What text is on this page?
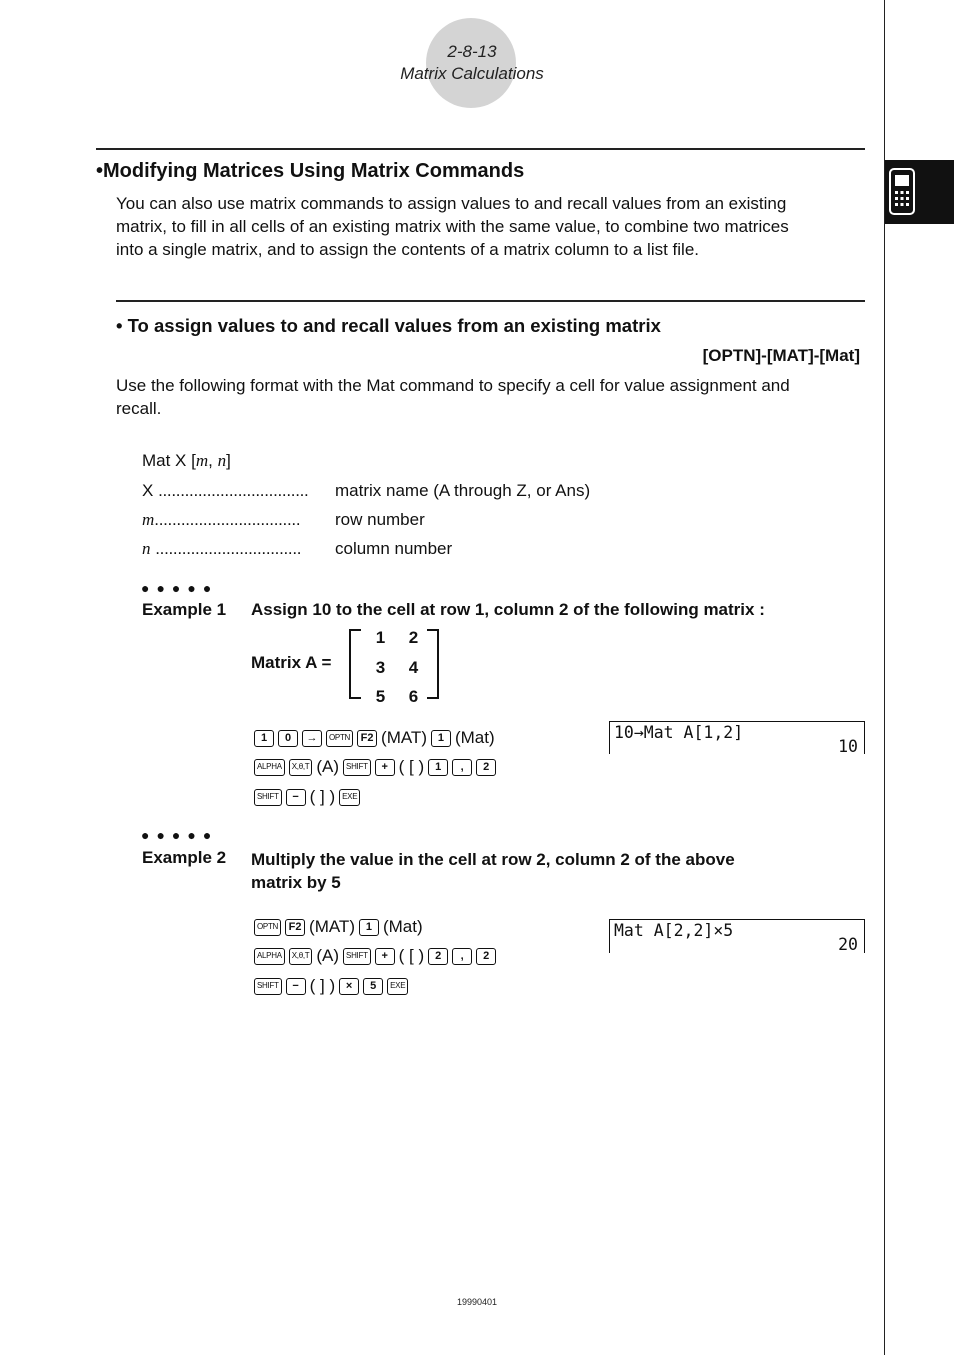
2-8-13
Matrix Calculations
•Modifying Matrices Using Matrix Commands
You can also use matrix commands to assign values to and recall values from an existing
matrix, to fill in all cells of an existing matrix with the same value, to combine two matrices
into a single matrix, and to assign the contents of a matrix column to a list file.
• To assign values to and recall values from an existing matrix
[OPTN]-[MAT]-[Mat]
Use the following format with the Mat command to specify a cell for value assignment and
recall.
Mat X [m, n]
X .................................. matrix name (A through Z, or Ans)
m................................. row number
n ................................. column number
●●●●●
Example 1 Assign 10 to the cell at row 1, column 2 of the following matrix :
Matrix A =
1 2
3 4
5 6
1	0	→	OPTN F2 (MAT) 1 (Mat)
ALPHA	X,θ,T (A) SHIFT	+ ( [ ) 1	,	2
SHIFT	− ( ] ) EXE
10→Mat A[1,2]
10
●●●●●
Example 2 Multiply the value in the cell at row 2, column 2 of the above
matrix by 5
OPTN F2 (MAT) 1 (Mat)
ALPHA	X,θ,T (A) SHIFT	+ ( [ ) 2	,	2
SHIFT	− ( ] ) ×	5	EXE
Mat A[2,2]×5
20
19990401
